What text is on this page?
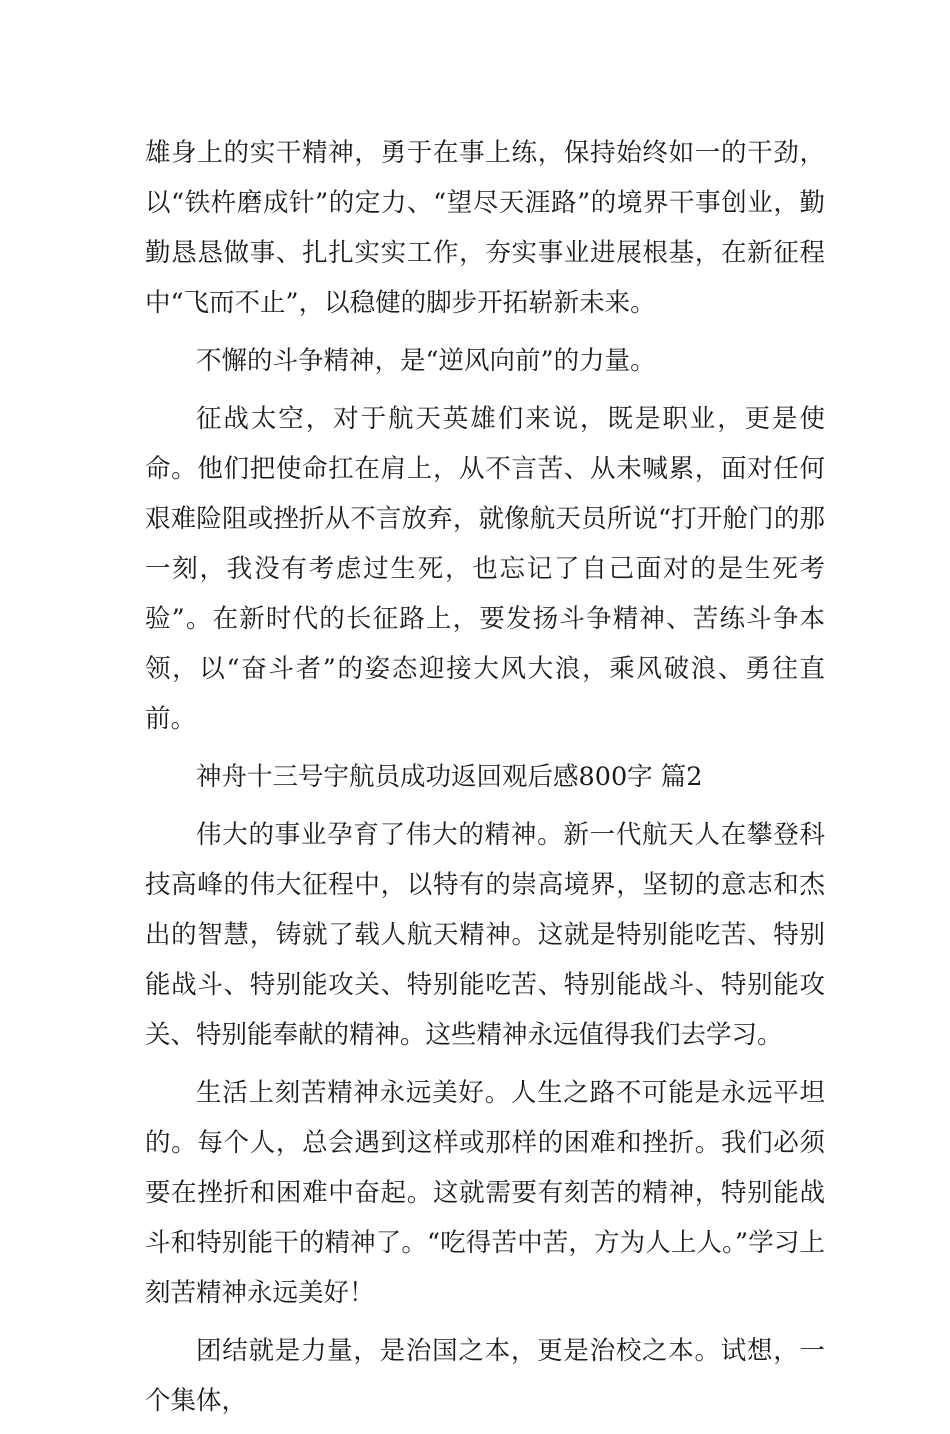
雄身上的实干精神，勇于在事上练，保持始终如一的干劲，以“铁杵磨成针”的定力、“望尽天涯路”的境界干事创业，勤勤恳恳做事、扎扎实实工作，夯实事业进展根基，在新征程中“飞而不止”，以稳健的脚步开拓崭新未来。

不懈的斗争精神，是“逆风向前”的力量。

征战太空，对于航天英雄们来说，既是职业，更是使命。他们把使命扛在肩上，从不言苦、从未喊累，面对任何艰难险阻或挫折从不言放弃，就像航天员所说“打开舱门的那一刻，我没有考虑过生死，也忘记了自己面对的是生死考验”。在新时代的长征路上，要发扬斗争精神、苦练斗争本领，以“奋斗者”的姿态迎接大风大浪，乘风破浪、勇往直前。

神舟十三号宇航员成功返回观后感800字 篇2

伟大的事业孕育了伟大的精神。新一代航天人在攀登科技高峰的伟大征程中，以特有的崇高境界，坚韧的意志和杰出的智慧，铸就了载人航天精神。这就是特别能吃苦、特别能战斗、特别能攻关、特别能吃苦、特别能战斗、特别能攻关、特别能奉献的精神。这些精神永远值得我们去学习。

生活上刻苦精神永远美好。人生之路不可能是永远平坦的。每个人，总会遇到这样或那样的困难和挫折。我们必须要在挫折和困难中奋起。这就需要有刻苦的精神，特别能战斗和特别能干的精神了。“吃得苦中苦，方为人上人。”学习上刻苦精神永远美好！

团结就是力量，是治国之本，更是治校之本。试想，一个集体，
